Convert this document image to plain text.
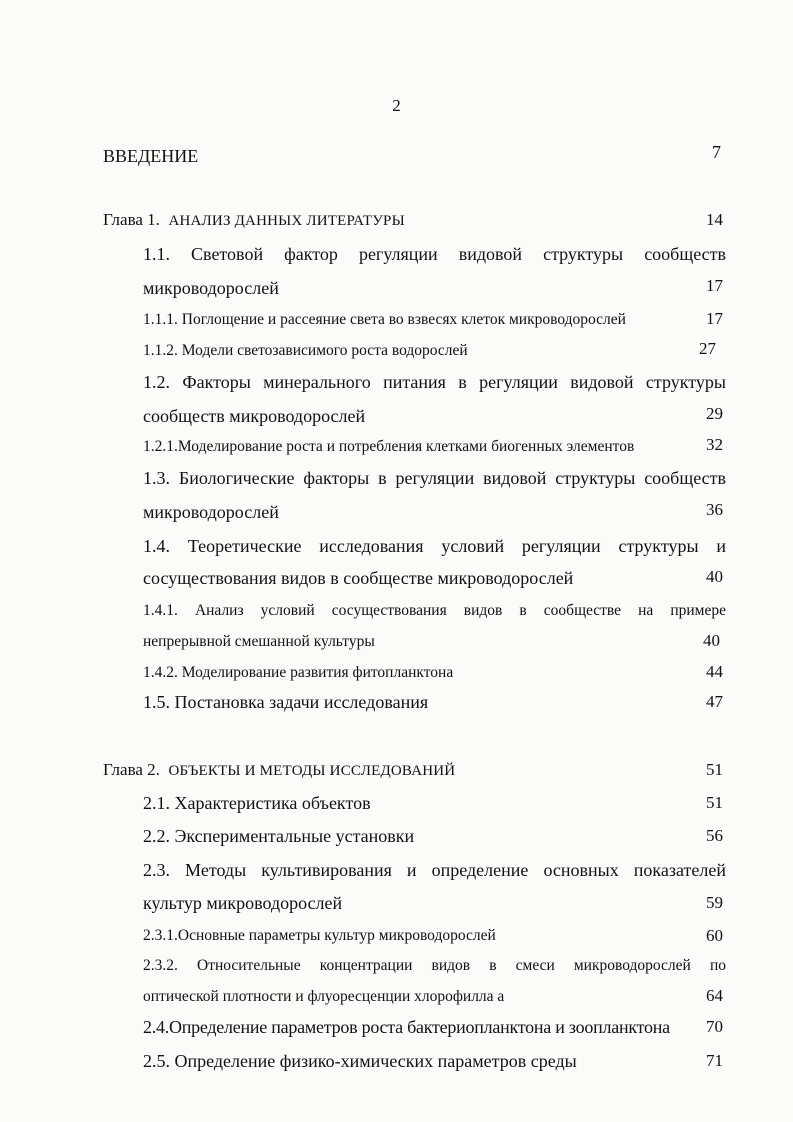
2
ВВЕДЕНИЕ	7
Глава 1. АНАЛИЗ ДАННЫХ ЛИТЕРАТУРЫ	14
1.1. Световой фактор регуляции видовой структуры сообществ
микроводорослей	17
1.1.1. Поглощение и рассеяние света во взвесях клеток микроводорослей	17
1.1.2. Модели светозависимого роста водорослей	27
1.2. Факторы минерального питания в регуляции видовой структуры
сообществ микроводорослей	29
1.2.1.Моделирование роста и потребления клетками биогенных элементов	32
1.3. Биологические факторы в регуляции видовой структуры сообществ
микроводорослей	36
1.4. Теоретические исследования условий регуляции структуры и
сосуществования видов в сообществе микроводорослей	40
1.4.1. Анализ условий сосуществования видов в сообществе на примере
непрерывной смешанной культуры	40
1.4.2. Моделирование развития фитопланктона	44
1.5. Постановка задачи исследования	47
Глава 2. ОБЪЕКТЫ И МЕТОДЫ ИССЛЕДОВАНИЙ	51
2.1. Характеристика объектов	51
2.2. Экспериментальные установки	56
2.3. Методы культивирования и определение основных показателей
культур микроводорослей	59
2.3.1.Основные параметры культур микроводорослей	60
2.3.2. Относительные концентрации видов в смеси микроводорослей по
оптической плотности и флуоресценции хлорофилла а	64
2.4.Определение параметров роста бактериопланктона и зоопланктона 70
2.5. Определение физико-химических параметров среды	71
